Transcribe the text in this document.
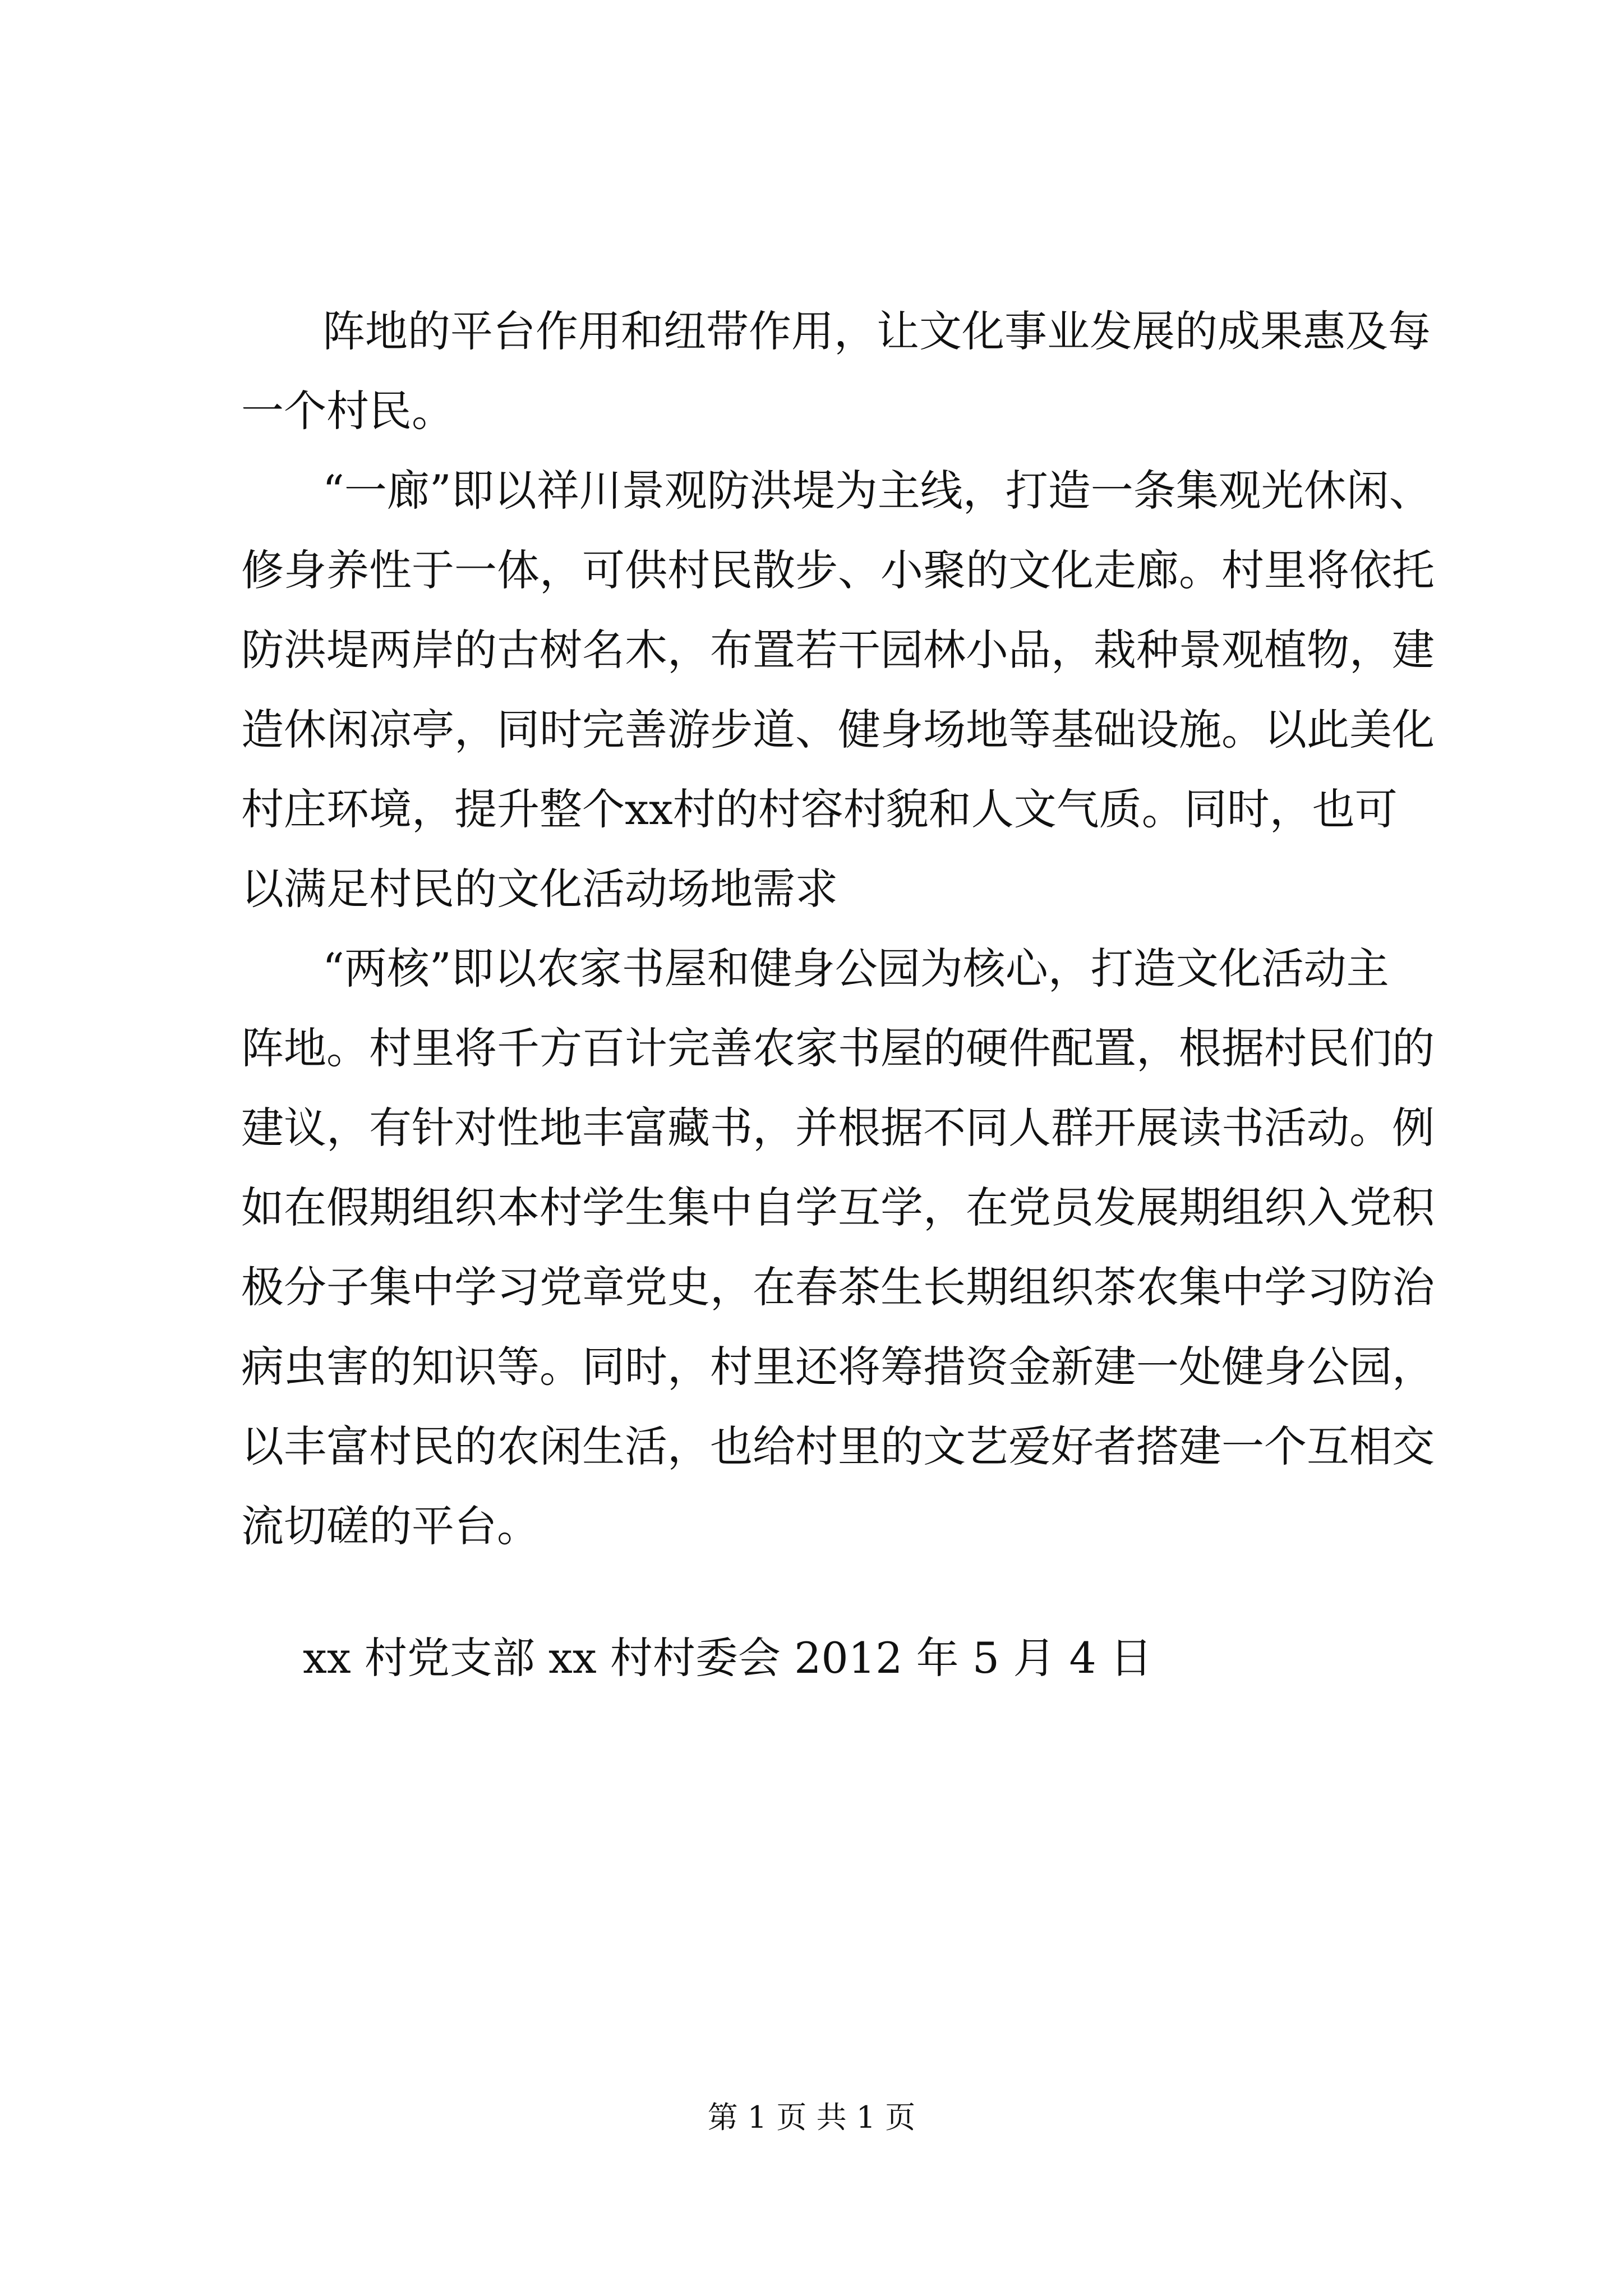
阵地的平台作用和纽带作用，让文化事业发展的成果惠及每
一个村民。
“一廊”即以祥川景观防洪堤为主线，打造一条集观光休闲、
修身养性于一体，可供村民散步、小聚的文化走廊。村里将依托
防洪堤两岸的古树名木，布置若干园林小品，栽种景观植物，建
造休闲凉亭，同时完善游步道、健身场地等基础设施。以此美化
村庄环境，提升整个xx村的村容村貌和人文气质。同时，也可
以满足村民的文化活动场地需求
“两核”即以农家书屋和健身公园为核心，打造文化活动主
阵地。村里将千方百计完善农家书屋的硬件配置，根据村民们的
建议，有针对性地丰富藏书，并根据不同人群开展读书活动。例
如在假期组织本村学生集中自学互学，在党员发展期组织入党积
极分子集中学习党章党史，在春茶生长期组织茶农集中学习防治
病虫害的知识等。同时，村里还将筹措资金新建一处健身公园，
以丰富村民的农闲生活，也给村里的文艺爱好者搭建一个互相交
流切磋的平台。
xx 村党支部 xx 村村委会 2012 年 5 月 4 日
第 1 页 共 1 页
